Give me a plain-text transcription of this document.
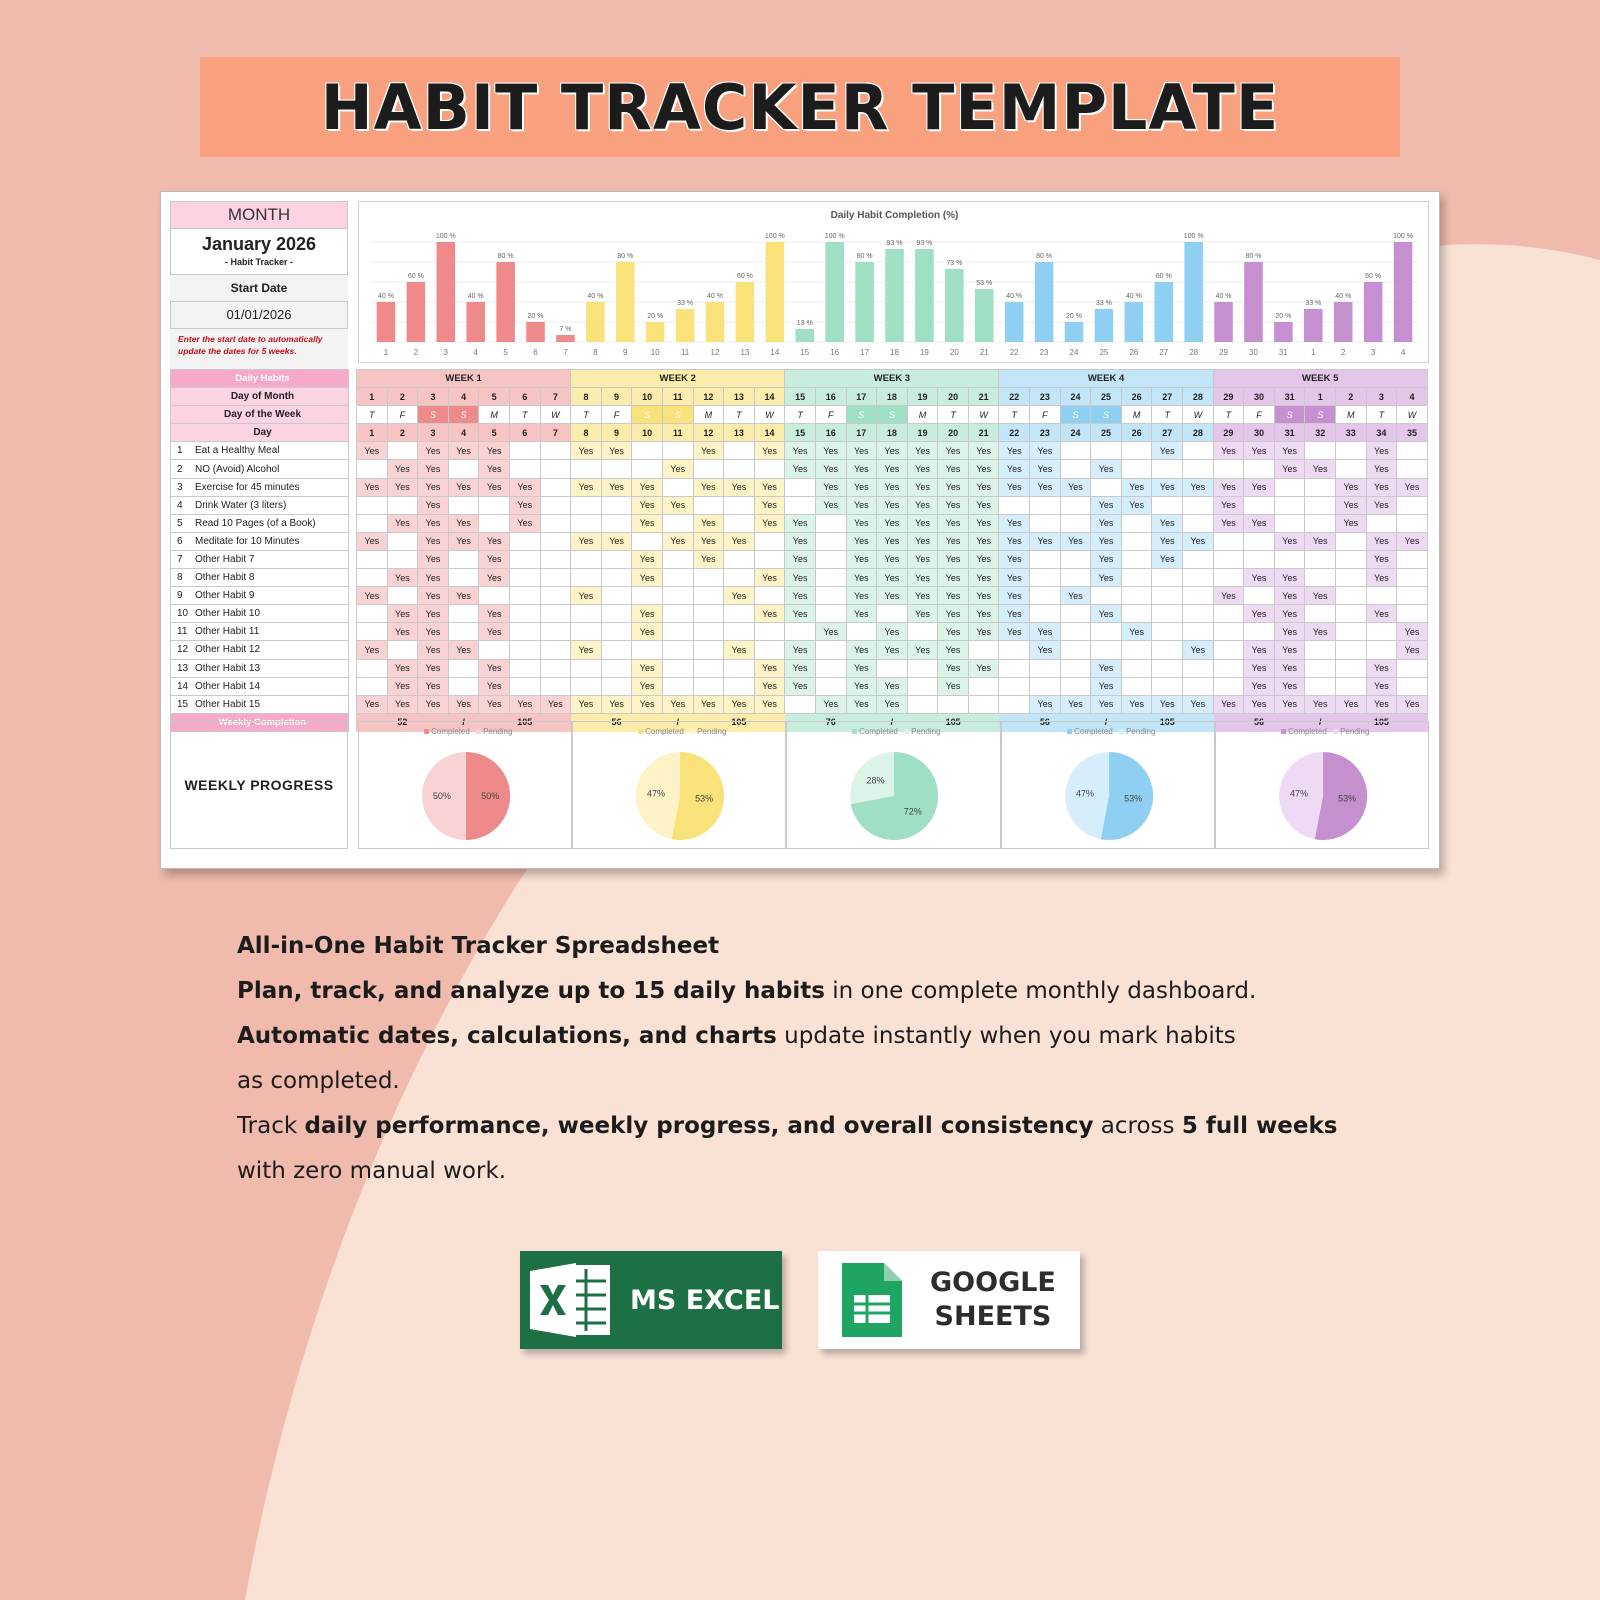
HABIT TRACKER TEMPLATE
MONTH
January 2026
- Habit Tracker -
Start Date
01/01/2026
Enter the start date to automatically update the dates for 5 weeks.
Daily Habit Completion (%)
40 %
1
60 %
2
100 %
3
40 %
4
80 %
5
20 %
6
7 %
7
40 %
8
80 %
9
20 %
10
33 %
11
40 %
12
60 %
13
100 %
14
13 %
15
100 %
16
80 %
17
93 %
18
93 %
19
73 %
20
53 %
21
40 %
22
80 %
23
20 %
24
33 %
25
40 %
26
60 %
27
100 %
28
40 %
29
80 %
30
20 %
31
33 %
1
40 %
2
60 %
3
100 %
4
Daily Habits		WEEK 1							WEEK 2							WEEK 3							WEEK 4							WEEK 5						
Day of Month		1	2	3	4	5	6	7	8	9	10	11	12	13	14	15	16	17	18	19	20	21	22	23	24	25	26	27	28	29	30	31	1	2	3	4
Day of the Week		T	F	S	S	M	T	W	T	F	S	S	M	T	W	T	F	S	S	M	T	W	T	F	S	S	M	T	W	T	F	S	S	M	T	W
Day		1	2	3	4	5	6	7	8	9	10	11	12	13	14	15	16	17	18	19	20	21	22	23	24	25	26	27	28	29	30	31	32	33	34	35
1 Eat a Healthy Meal		Yes		Yes	Yes	Yes			Yes	Yes			Yes		Yes	Yes	Yes	Yes	Yes	Yes	Yes	Yes	Yes	Yes				Yes		Yes	Yes	Yes			Yes	
2 NO (Avoid) Alcohol			Yes	Yes		Yes						Yes				Yes	Yes	Yes	Yes	Yes	Yes	Yes	Yes	Yes		Yes						Yes	Yes		Yes	
3 Exercise for 45 minutes		Yes	Yes	Yes	Yes	Yes	Yes		Yes	Yes	Yes		Yes	Yes	Yes		Yes	Yes	Yes	Yes	Yes	Yes	Yes	Yes	Yes		Yes	Yes	Yes	Yes	Yes			Yes	Yes	Yes
4 Drink Water (3 liters)				Yes			Yes				Yes	Yes			Yes		Yes	Yes	Yes	Yes	Yes	Yes				Yes	Yes			Yes				Yes	Yes	
5 Read 10 Pages (of a Book)			Yes	Yes	Yes		Yes				Yes		Yes		Yes	Yes		Yes	Yes	Yes	Yes	Yes	Yes			Yes		Yes		Yes	Yes			Yes		
6 Meditate for 10 Minutes		Yes		Yes	Yes	Yes			Yes	Yes		Yes	Yes	Yes		Yes		Yes	Yes	Yes	Yes	Yes	Yes	Yes	Yes	Yes		Yes	Yes			Yes	Yes		Yes	Yes
7 Other Habit 7				Yes		Yes					Yes		Yes			Yes		Yes	Yes	Yes	Yes	Yes	Yes			Yes		Yes							Yes	
8 Other Habit 8			Yes	Yes		Yes					Yes				Yes	Yes		Yes	Yes	Yes	Yes	Yes	Yes			Yes					Yes	Yes			Yes	
9 Other Habit 9		Yes		Yes	Yes				Yes					Yes		Yes		Yes	Yes	Yes	Yes	Yes	Yes		Yes					Yes		Yes	Yes			
10 Other Habit 10			Yes	Yes		Yes					Yes				Yes	Yes		Yes		Yes	Yes	Yes	Yes			Yes					Yes	Yes			Yes	
11 Other Habit 11			Yes	Yes		Yes					Yes						Yes		Yes		Yes	Yes	Yes	Yes			Yes					Yes	Yes			Yes
12 Other Habit 12		Yes		Yes	Yes				Yes					Yes		Yes		Yes	Yes	Yes	Yes			Yes					Yes		Yes	Yes				Yes
13 Other Habit 13			Yes	Yes		Yes					Yes				Yes	Yes		Yes			Yes	Yes				Yes					Yes	Yes			Yes	
14 Other Habit 14			Yes	Yes		Yes					Yes				Yes	Yes		Yes	Yes		Yes					Yes					Yes	Yes			Yes	
15 Other Habit 15		Yes	Yes	Yes	Yes	Yes	Yes	Yes	Yes	Yes	Yes	Yes	Yes	Yes	Yes		Yes	Yes	Yes					Yes	Yes	Yes	Yes	Yes	Yes	Yes	Yes	Yes	Yes	Yes	Yes	Yes
Weekly Completion			52		/		105			56		/		105			76		/		105			56		/		105			56		/		105	
WEEKLY PROGRESS
Completed Pending
50%
50%
Completed Pending
53%
47%
Completed Pending
72%
28%
Completed Pending
53%
47%
Completed Pending
53%
47%
All-in-One Habit Tracker Spreadsheet
Plan, track, and analyze up to 15 daily habits in one complete monthly dashboard.
Automatic dates, calculations, and charts update instantly when you mark habits
as completed.
Track daily performance, weekly progress, and overall consistency across 5 full weeks
with zero manual work.
MS EXCEL
GOOGLE
SHEETS
